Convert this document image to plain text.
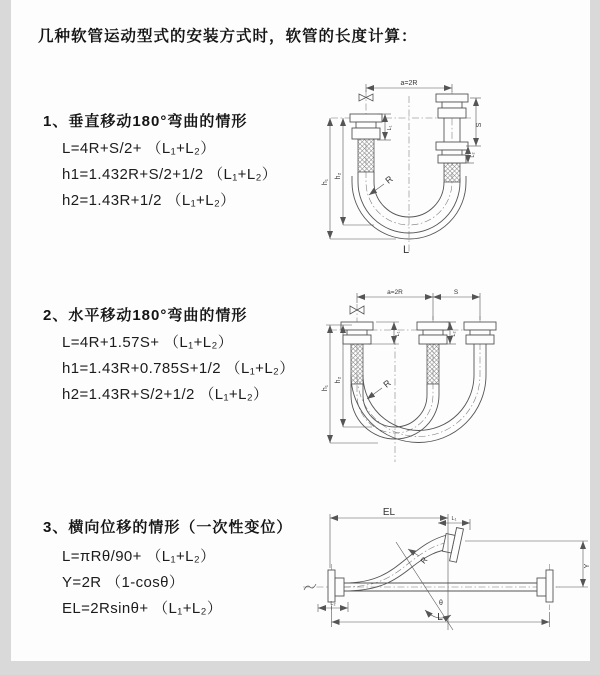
几种软管运动型式的安装方式时，软管的长度计算：
1、垂直移动180°弯曲的情形
L=4R+S/2+ （L₁+L₂）
h1=1.432R+S/2+1/2 （L₁+L₂）
h2=1.43R+1/2 （L₁+L₂）
2、水平移动180°弯曲的情形
L=4R+1.57S+ （L₁+L₂）
h1=1.43R+0.785S+1/2 （L₁+L₂）
h2=1.43R+S/2+1/2 （L₁+L₂）
3、横向位移的情形（一次性变位）
L=πRθ/90+ （L₁+L₂）
Y=2R （1-cosθ）
EL=2Rsinθ+ （L₁+L₂）
a=2R
S
L₂
L₁
h₁
h₂	R
L
a=2R	S
h₁
h₂
L₁	L₂
R
EL
L₁
Y
L
L₂
R
θ
